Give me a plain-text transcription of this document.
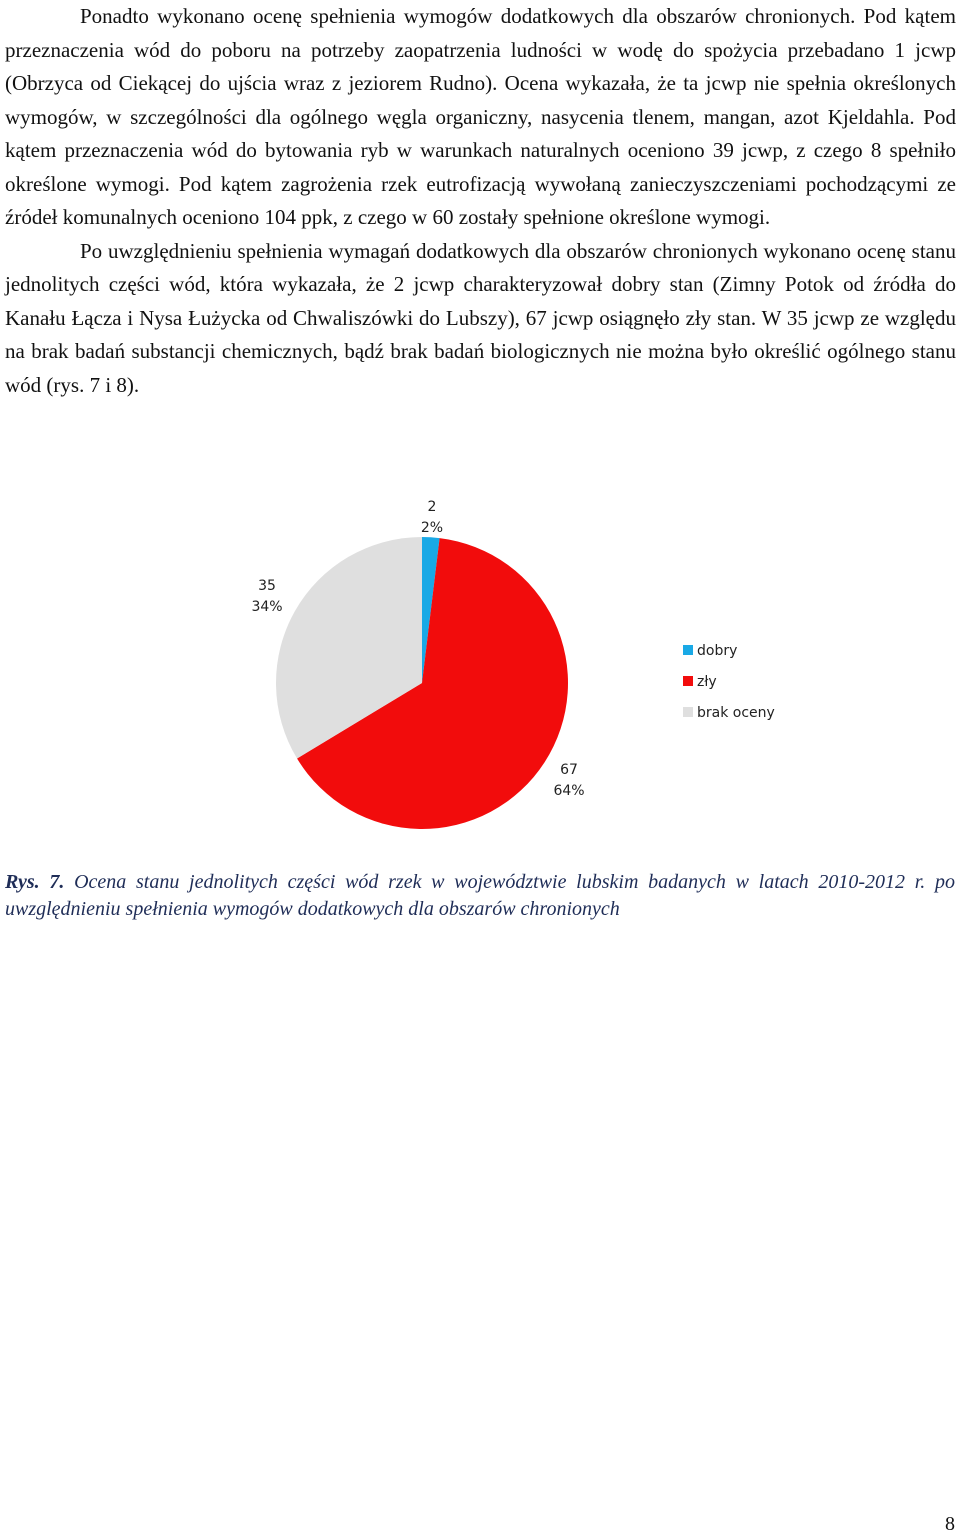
Ponadto wykonano ocenę spełnienia wymogów dodatkowych dla obszarów chronionych. Pod kątem przeznaczenia wód do poboru na potrzeby zaopatrzenia ludności w wodę do spożycia przebadano 1 jcwp (Obrzyca od Ciekącej do ujścia wraz z jeziorem Rudno). Ocena wykazała, że ta jcwp nie spełnia określonych wymogów, w szczególności dla ogólnego węgla organiczny, nasycenia tlenem, mangan, azot Kjeldahla. Pod kątem przeznaczenia wód do bytowania ryb w warunkach naturalnych oceniono 39 jcwp, z czego 8 spełniło określone wymogi. Pod kątem zagrożenia rzek eutrofizacją wywołaną zanieczyszczeniami pochodzącymi ze źródeł komunalnych oceniono 104 ppk, z czego w 60 zostały spełnione określone wymogi.

Po uwzględnieniu spełnienia wymagań dodatkowych dla obszarów chronionych wykonano ocenę stanu jednolitych części wód, która wykazała, że 2 jcwp charakteryzował dobry stan (Zimny Potok od źródła do Kanału Łącza i Nysa Łużycka od Chwaliszówki do Lubszy), 67 jcwp osiągnęło zły stan. W 35 jcwp ze względu na brak badań substancji chemicznych, bądź brak badań biologicznych nie można było określić ogólnego stanu wód (rys. 7 i 8).

2
2%
67
64%
35
34%
dobry
zły
brak oceny
Rys. 7. Ocena stanu jednolitych części wód rzek w województwie lubskim badanych w latach 2010-2012 r. po uwzględnieniu spełnienia wymogów dodatkowych dla obszarów chronionych
8
